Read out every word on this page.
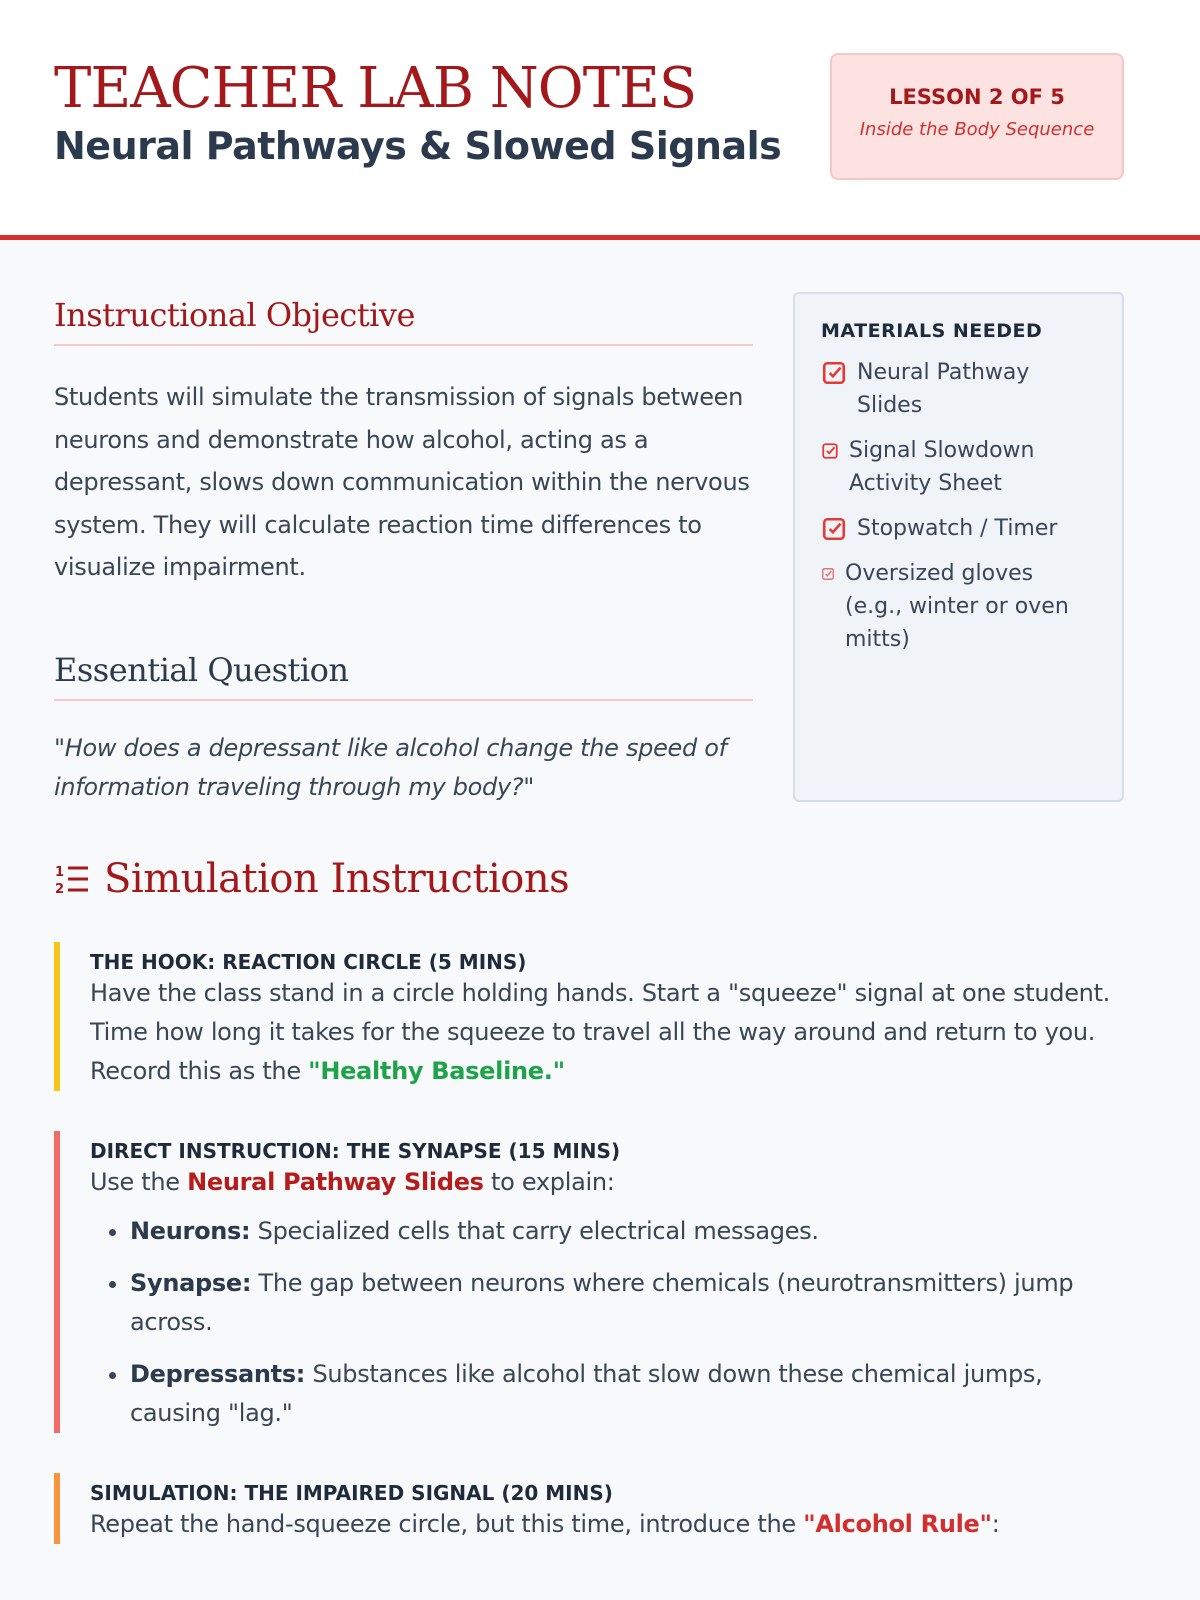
TEACHER LAB NOTES
Neural Pathways & Slowed Signals
LESSON 2 OF 5
Inside the Body Sequence
Instructional Objective

Students will simulate the transmission of signals between neurons and demonstrate how alcohol, acting as a depressant, slows down communication within the nervous system. They will calculate reaction time differences to visualize impairment.

Essential Question

"How does a depressant like alcohol change the speed of information traveling through my body?"

MATERIALS NEEDED
Neural Pathway Slides
Signal Slowdown Activity Sheet
Stopwatch / Timer
Oversized gloves (e.g., winter or oven mitts)
1
2 Simulation Instructions
THE HOOK: REACTION CIRCLE (5 MINS)

Have the class stand in a circle holding hands. Start a "squeeze" signal at one student. Time how long it takes for the squeeze to travel all the way around and return to you. Record this as the "Healthy Baseline."

DIRECT INSTRUCTION: THE SYNAPSE (15 MINS)

Use the Neural Pathway Slides to explain:

• Neurons: Specialized cells that carry electrical messages.
• Synapse: The gap between neurons where chemicals (neurotransmitters) jump across.
• Depressants: Substances like alcohol that slow down these chemical jumps, causing "lag."
SIMULATION: THE IMPAIRED SIGNAL (20 MINS)

Repeat the hand-squeeze circle, but this time, introduce the "Alcohol Rule":
